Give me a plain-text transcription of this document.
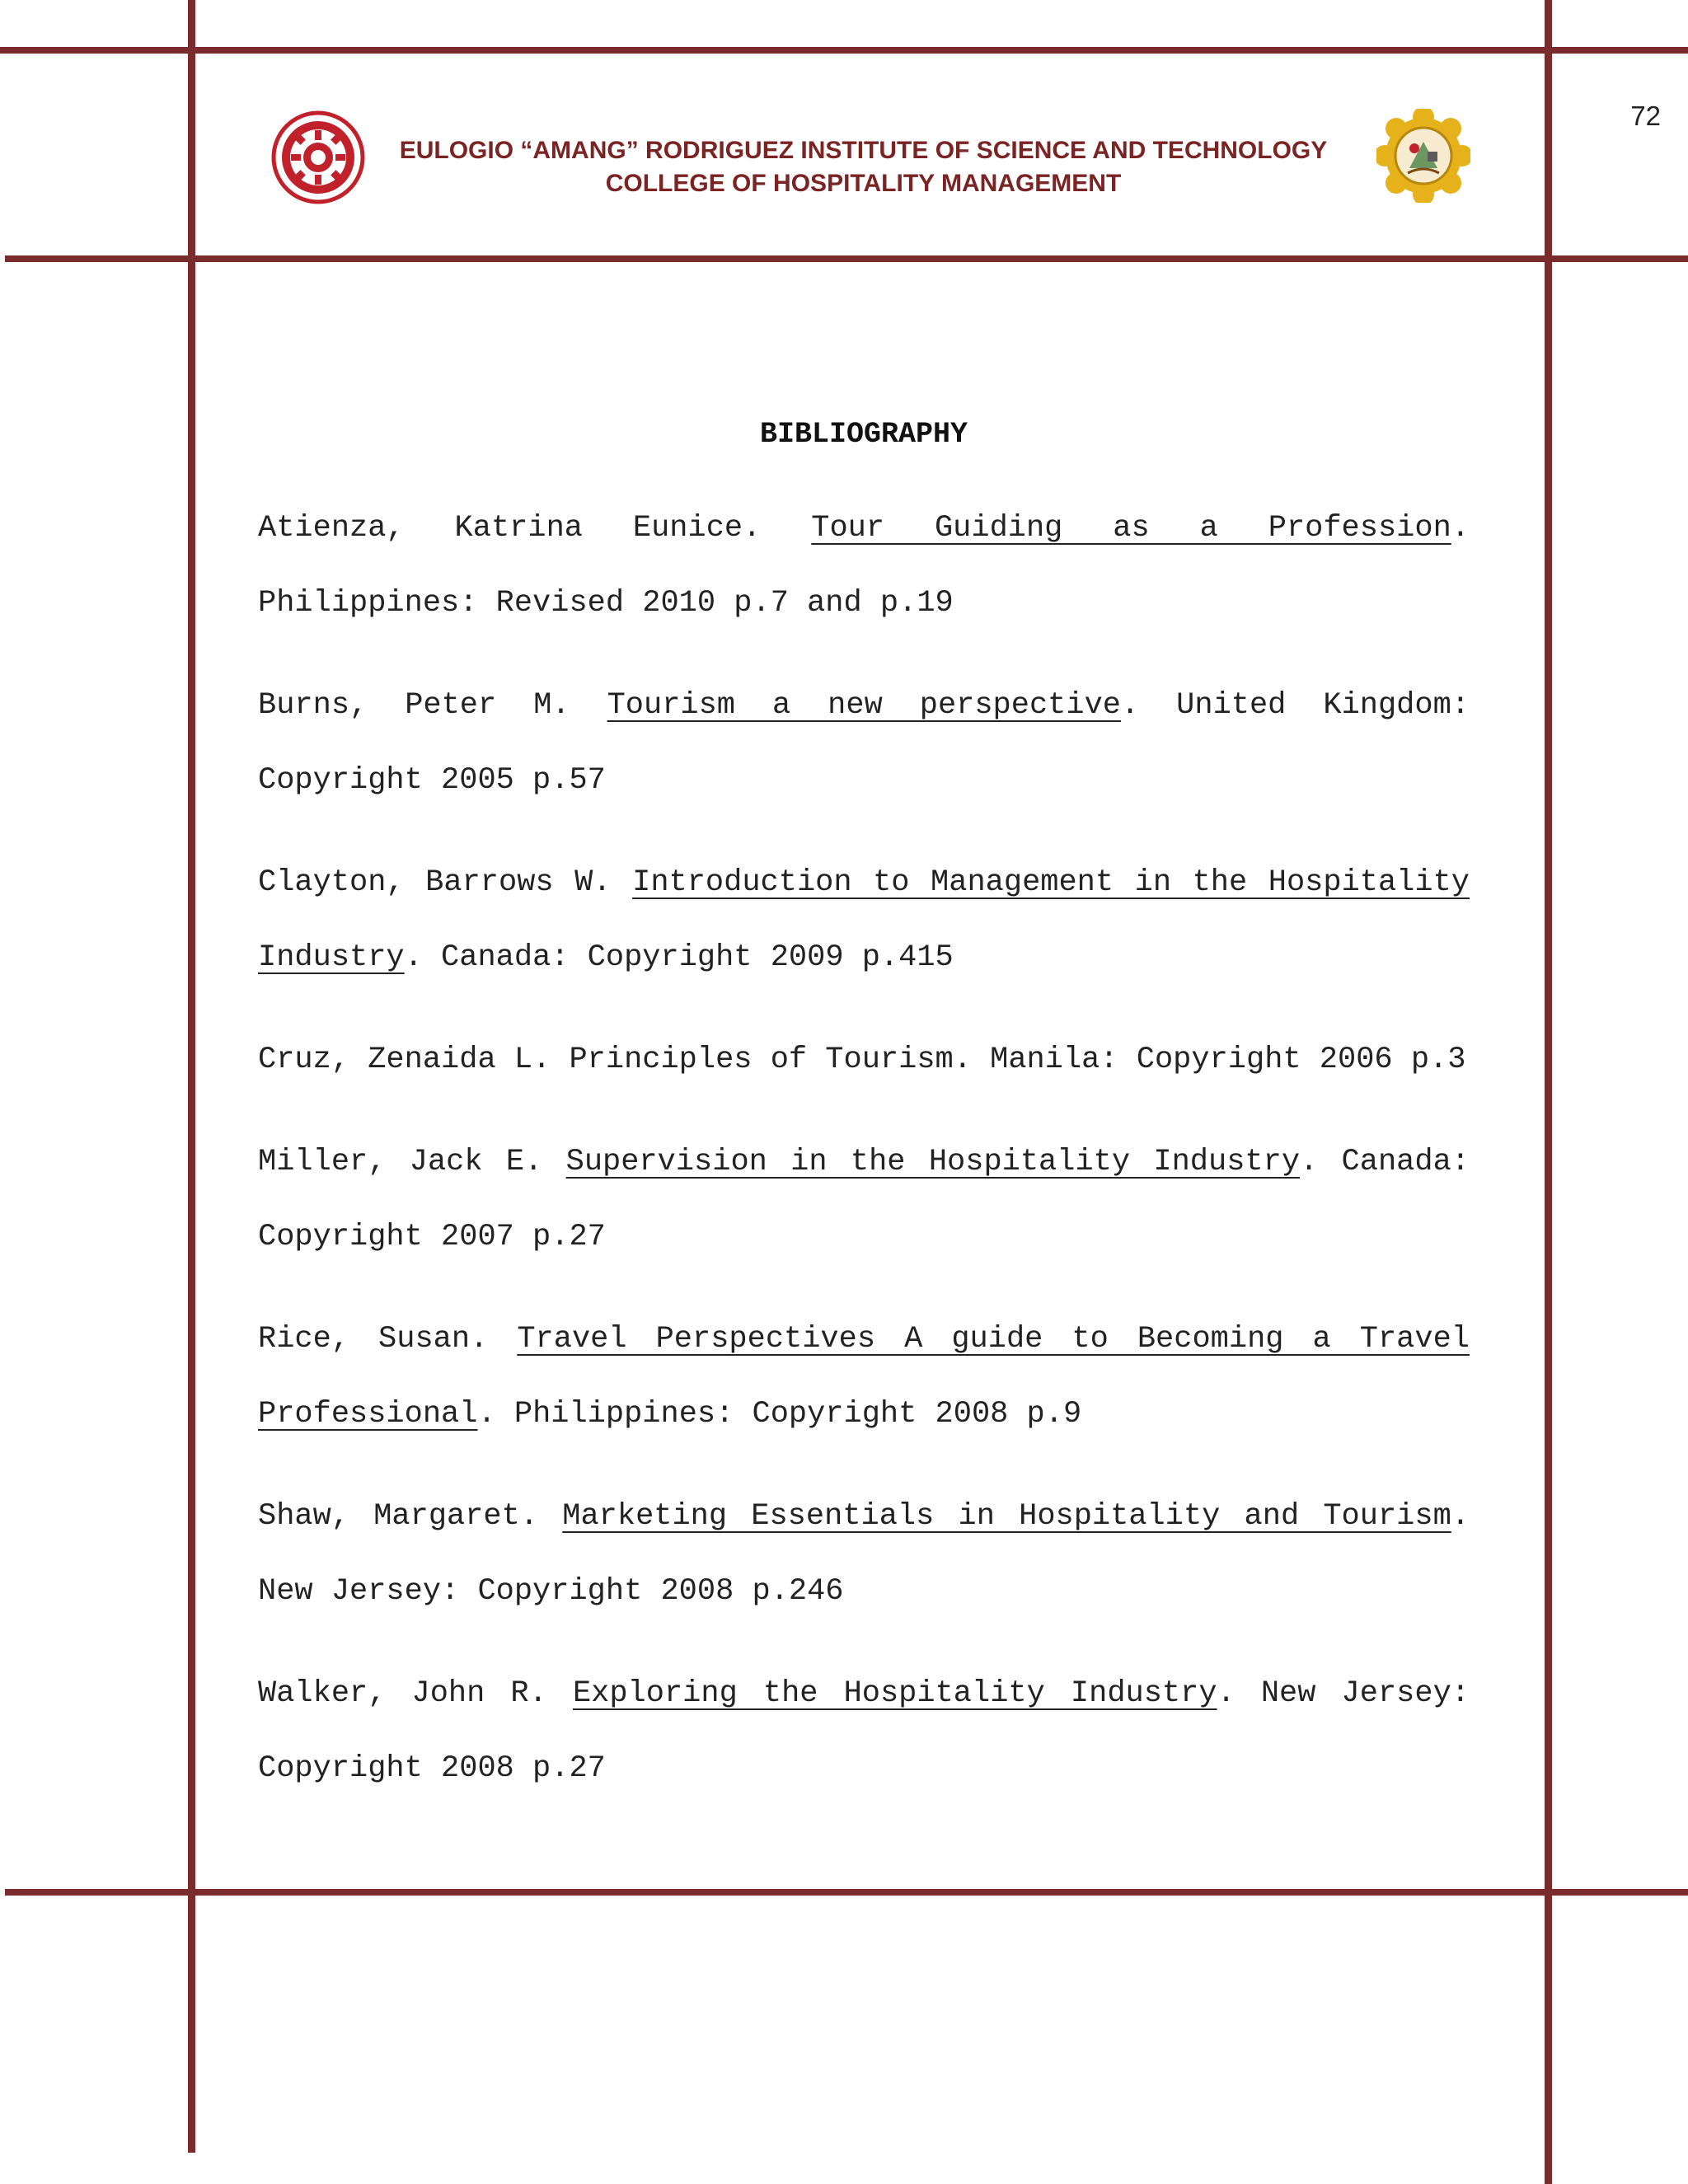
72
EULOGIO “AMANG” RODRIGUEZ INSTITUTE OF SCIENCE AND TECHNOLOGY
COLLEGE OF HOSPITALITY MANAGEMENT
BIBLIOGRAPHY

Atienza, Katrina Eunice. Tour Guiding as a Profession. Philippines: Revised 2010 p.7 and p.19

Burns, Peter M. Tourism a new perspective. United Kingdom: Copyright 2005 p.57

Clayton, Barrows W. Introduction to Management in the Hospitality Industry. Canada: Copyright 2009 p.415

Cruz, Zenaida L. Principles of Tourism. Manila: Copyright 2006 p.3

Miller, Jack E. Supervision in the Hospitality Industry. Canada: Copyright 2007 p.27

Rice, Susan. Travel Perspectives A guide to Becoming a Travel Professional. Philippines: Copyright 2008 p.9

Shaw, Margaret. Marketing Essentials in Hospitality and Tourism. New Jersey: Copyright 2008 p.246

Walker, John R. Exploring the Hospitality Industry. New Jersey: Copyright 2008 p.27
